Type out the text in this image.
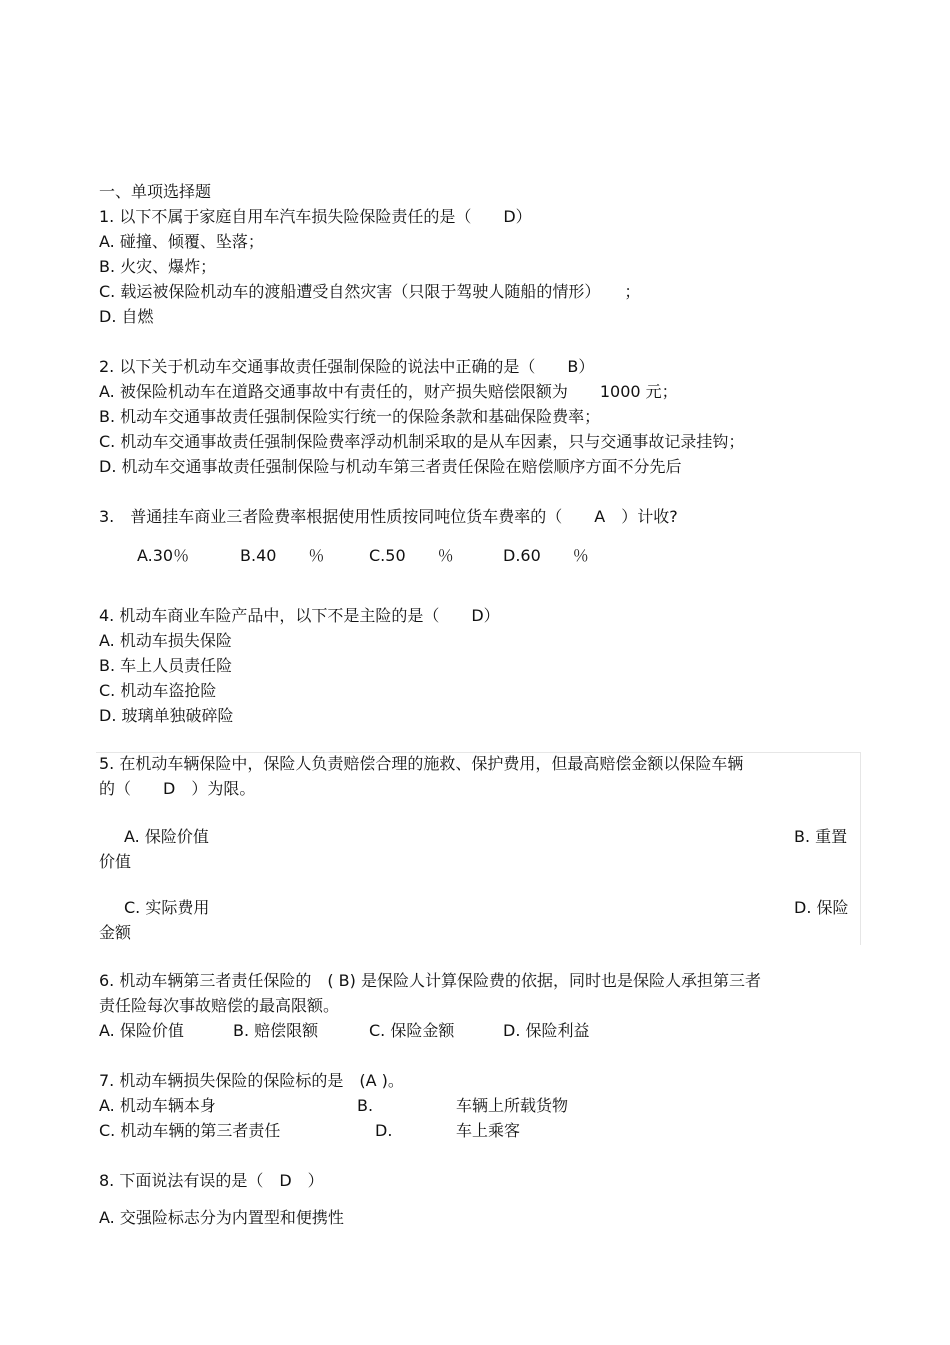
一、单项选择题
1. 以下不属于家庭自用车汽车损失险保险责任的是（　　D）
A. 碰撞、倾覆、坠落；
B. 火灾、爆炸；
C. 载运被保险机动车的渡船遭受自然灾害（只限于驾驶人随船的情形）　　；
D. 自燃
2. 以下关于机动车交通事故责任强制保险的说法中正确的是（　　B）
A. 被保险机动车在道路交通事故中有责任的，财产损失赔偿限额为　　1000 元；
B. 机动车交通事故责任强制保险实行统一的保险条款和基础保险费率；
C. 机动车交通事故责任强制保险费率浮动机制采取的是从车因素，只与交通事故记录挂钩；
D. 机动车交通事故责任强制保险与机动车第三者责任保险在赔偿顺序方面不分先后
3.　普通挂车商业三者险费率根据使用性质按同吨位货车费率的（　　A　）计收?
A.30％	B.40　　％	C.50　　％	D.60　　％
4. 机动车商业车险产品中，以下不是主险的是（　　D）
A. 机动车损失保险
B. 车上人员责任险
C. 机动车盗抢险
D. 玻璃单独破碎险
5. 在机动车辆保险中，保险人负责赔偿合理的施救、保护费用，但最高赔偿金额以保险车辆
的（　　D　）为限。
A. 保险价值	B. 重置
价值
C. 实际费用	D. 保险
金额
6. 机动车辆第三者责任保险的　( B) 是保险人计算保险费的依据，同时也是保险人承担第三者
责任险每次事故赔偿的最高限额。
A. 保险价值	B. 赔偿限额	C. 保险金额	D. 保险利益
7. 机动车辆损失保险的保险标的是　(A )。
A. 机动车辆本身	B.	车辆上所载货物
C. 机动车辆的第三者责任	D.	车上乘客
8. 下面说法有误的是（　D　）
A. 交强险标志分为内置型和便携性
